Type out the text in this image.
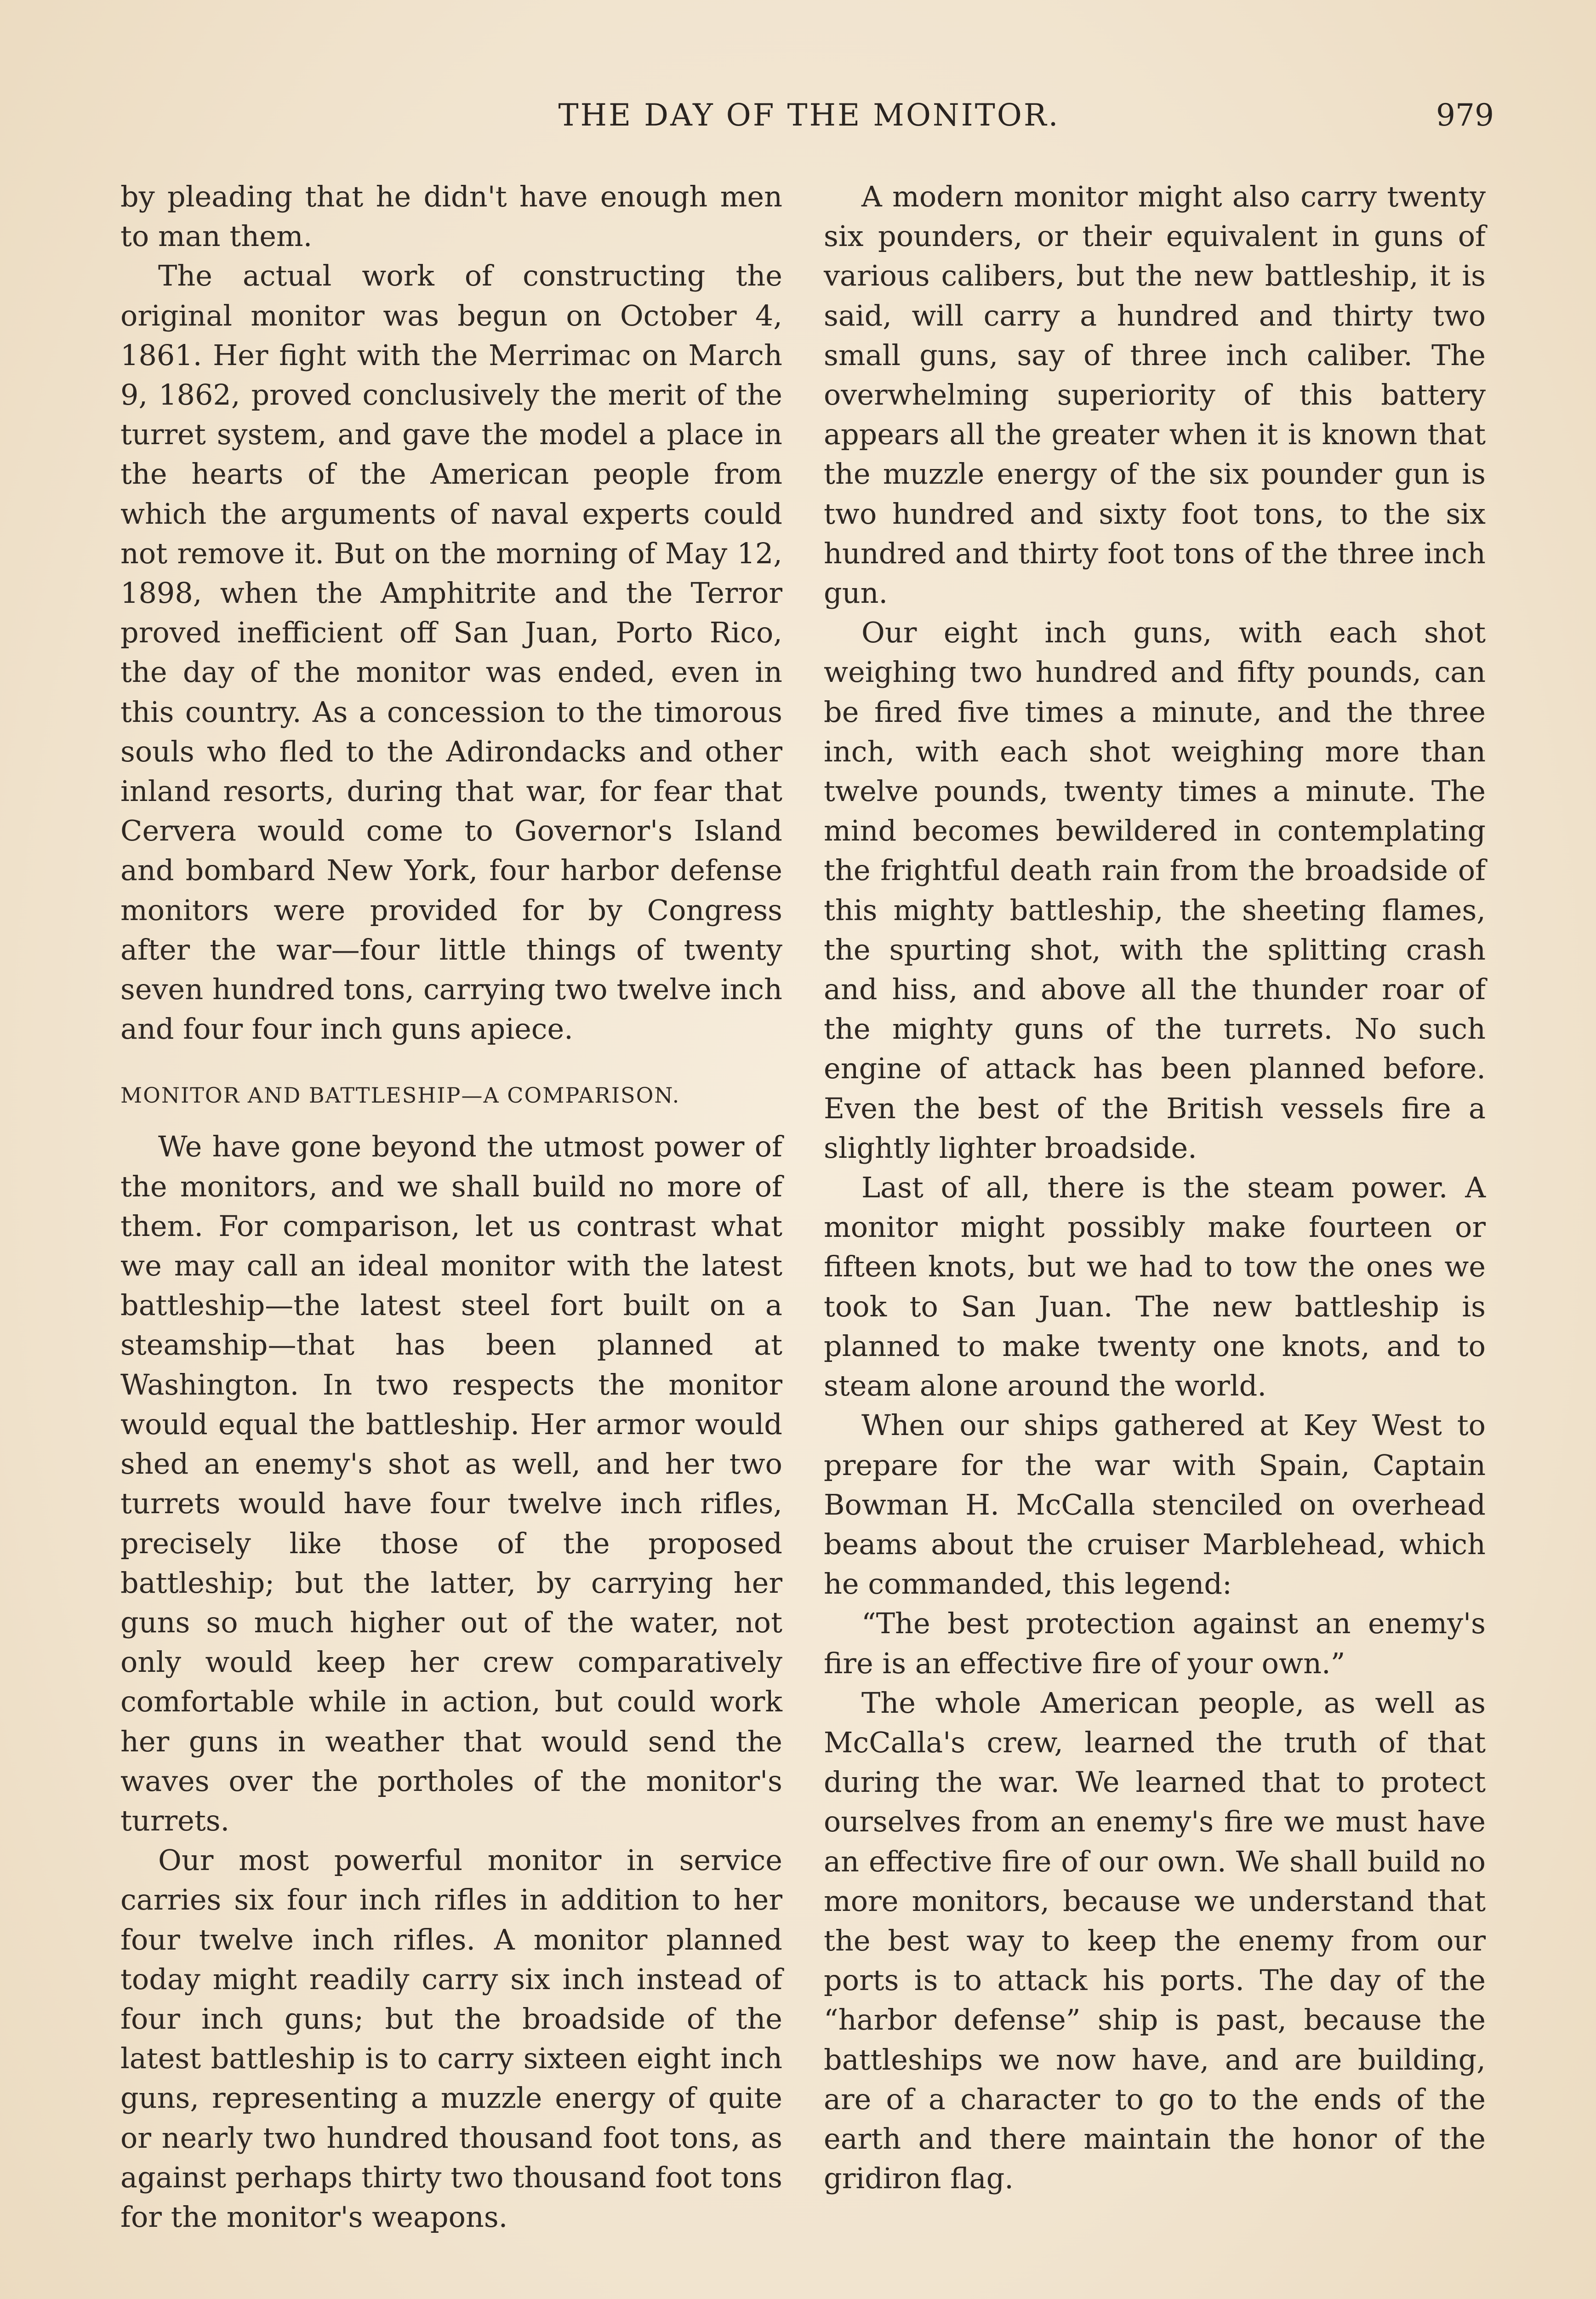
THE DAY OF THE MONITOR.	979

by pleading that he didn't have enough men to man them.

The actual work of constructing the original monitor was begun on October 4, 1861. Her fight with the Merrimac on March 9, 1862, proved conclusively the merit of the turret system, and gave the model a place in the hearts of the American people from which the arguments of naval experts could not remove it. But on the morning of May 12, 1898, when the Amphitrite and the Terror proved inefficient off San Juan, Porto Rico, the day of the monitor was ended, even in this country. As a concession to the timorous souls who fled to the Adirondacks and other inland resorts, during that war, for fear that Cervera would come to Governor's Island and bombard New York, four harbor defense monitors were provided for by Congress after the war—four little things of twenty seven hundred tons, carrying two twelve inch and four four inch guns apiece.

MONITOR AND BATTLESHIP—A COMPARISON.

We have gone beyond the utmost power of the monitors, and we shall build no more of them. For comparison, let us contrast what we may call an ideal monitor with the latest battleship—the latest steel fort built on a steamship—that has been planned at Washington. In two respects the monitor would equal the battleship. Her armor would shed an enemy's shot as well, and her two turrets would have four twelve inch rifles, precisely like those of the proposed battleship; but the latter, by carrying her guns so much higher out of the water, not only would keep her crew comparatively comfortable while in action, but could work her guns in weather that would send the waves over the portholes of the monitor's turrets.

Our most powerful monitor in service carries six four inch rifles in addition to her four twelve inch rifles. A monitor planned today might readily carry six inch instead of four inch guns; but the broadside of the latest battleship is to carry sixteen eight inch guns, representing a muzzle energy of quite or nearly two hundred thousand foot tons, as against perhaps thirty two thousand foot tons for the monitor's weapons.

A modern monitor might also carry twenty six pounders, or their equivalent in guns of various calibers, but the new battleship, it is said, will carry a hundred and thirty two small guns, say of three inch caliber. The overwhelming superiority of this battery appears all the greater when it is known that the muzzle energy of the six pounder gun is two hundred and sixty foot tons, to the six hundred and thirty foot tons of the three inch gun.

Our eight inch guns, with each shot weighing two hundred and fifty pounds, can be fired five times a minute, and the three inch, with each shot weighing more than twelve pounds, twenty times a minute. The mind becomes bewildered in contemplating the frightful death rain from the broadside of this mighty battleship, the sheeting flames, the spurting shot, with the splitting crash and hiss, and above all the thunder roar of the mighty guns of the turrets. No such engine of attack has been planned before. Even the best of the British vessels fire a slightly lighter broadside.

Last of all, there is the steam power. A monitor might possibly make fourteen or fifteen knots, but we had to tow the ones we took to San Juan. The new battleship is planned to make twenty one knots, and to steam alone around the world.

When our ships gathered at Key West to prepare for the war with Spain, Captain Bowman H. McCalla stenciled on overhead beams about the cruiser Marblehead, which he commanded, this legend:

“The best protection against an enemy's fire is an effective fire of your own.”

The whole American people, as well as McCalla's crew, learned the truth of that during the war. We learned that to protect ourselves from an enemy's fire we must have an effective fire of our own. We shall build no more monitors, because we understand that the best way to keep the enemy from our ports is to attack his ports. The day of the “harbor defense” ship is past, because the battleships we now have, and are building, are of a character to go to the ends of the earth and there maintain the honor of the gridiron flag.
